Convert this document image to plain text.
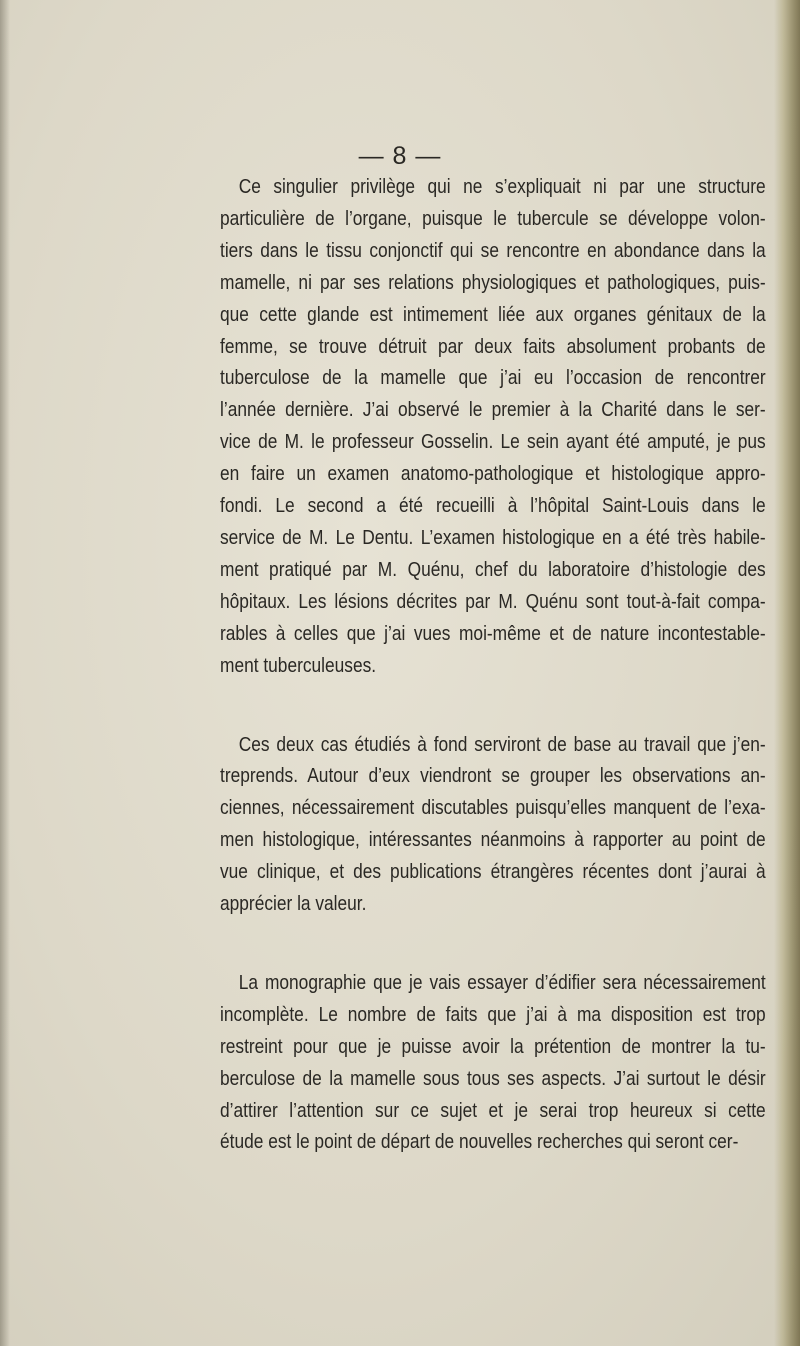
— 8 —

Ce singulier privilège qui ne s’expliquait ni par une structure
particulière de l’organe, puisque le tubercule se développe volon-
tiers dans le tissu conjonctif qui se rencontre en abondance dans la
mamelle, ni par ses relations physiologiques et pathologiques, puis-
que cette glande est intimement liée aux organes génitaux de la
femme, se trouve détruit par deux faits absolument probants de
tuberculose de la mamelle que j’ai eu l’occasion de rencontrer
l’année dernière. J’ai observé le premier à la Charité dans le ser-
vice de M. le professeur Gosselin. Le sein ayant été amputé, je pus
en faire un examen anatomo-pathologique et histologique appro-
fondi. Le second a été recueilli à l’hôpital Saint-Louis dans le
service de M. Le Dentu. L’examen histologique en a été très habile-
ment pratiqué par M. Quénu, chef du laboratoire d’histologie des
hôpitaux. Les lésions décrites par M. Quénu sont tout-à-fait compa-
rables à celles que j’ai vues moi-même et de nature incontestable-
ment tuberculeuses.

Ces deux cas étudiés à fond serviront de base au travail que j’en-
treprends. Autour d’eux viendront se grouper les observations an-
ciennes, nécessairement discutables puisqu’elles manquent de l’exa-
men histologique, intéressantes néanmoins à rapporter au point de
vue clinique, et des publications étrangères récentes dont j’aurai à
apprécier la valeur.

La monographie que je vais essayer d’édifier sera nécessairement
incomplète. Le nombre de faits que j’ai à ma disposition est trop
restreint pour que je puisse avoir la prétention de montrer la tu-
berculose de la mamelle sous tous ses aspects. J’ai surtout le désir
d’attirer l’attention sur ce sujet et je serai trop heureux si cette
étude est le point de départ de nouvelles recherches qui seront cer-
